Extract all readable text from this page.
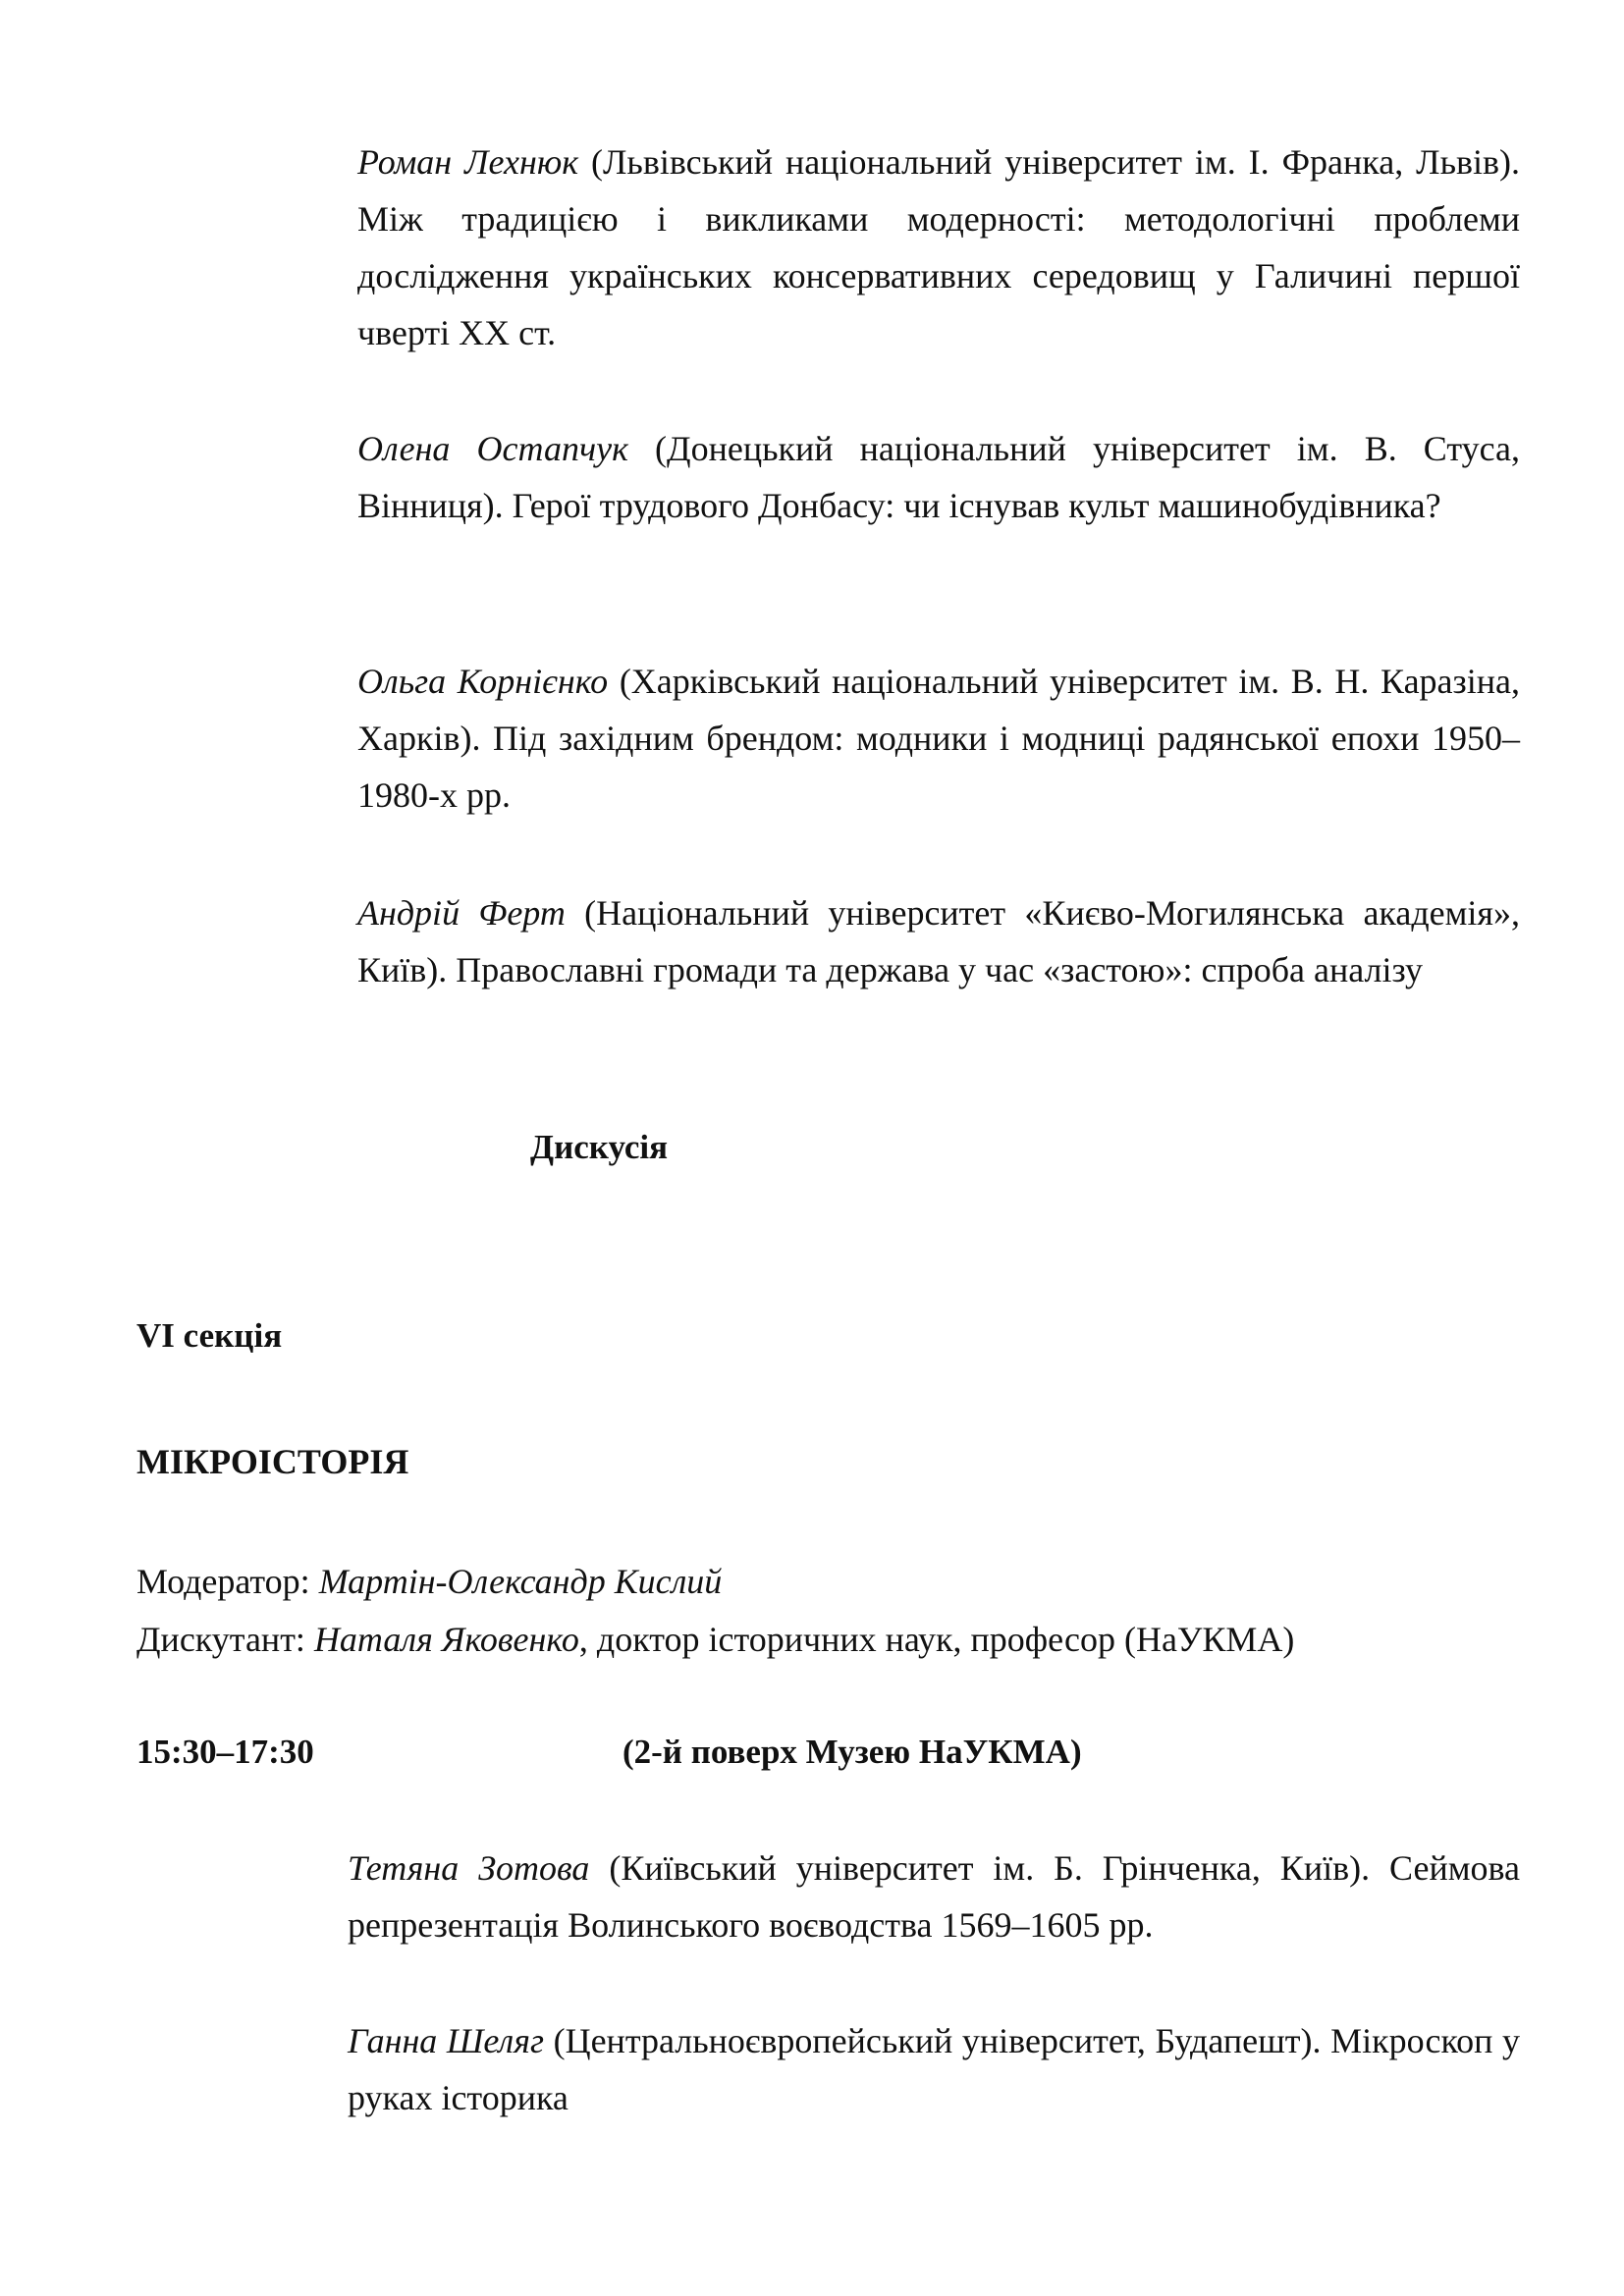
Роман Лехнюк (Львівський національний університет ім. І. Франка, Львів). Між традицією і викликами модерності: методологічні проблеми дослідження українських консервативних середовищ у Галичині першої чверті ХХ ст.
Олена Остапчук (Донецький національний університет ім. В. Стуса, Вінниця). Герої трудового Донбасу: чи існував культ машинобудівника?
Ольга Корнієнко (Харківський національний університет ім. В. Н. Каразіна, Харків). Під західним брендом: модники і модниці радянської епохи 1950–1980-х рр.
Андрій Ферт (Національний університет «Києво-Могилянська академія», Київ). Православні громади та держава у час «застою»: спроба аналізу
Дискусія
VI секція
МІКРОІСТОРІЯ
Модератор: Мартін-Олександр Кислий
Дискутант: Наталя Яковенко, доктор історичних наук, професор (НаУКМА)
15:30–17:30	(2-й поверх Музею НаУКМА)
Тетяна Зотова (Київський університет ім. Б. Грінченка, Київ). Сеймова репрезентація Волинського воєводства 1569–1605 рр.
Ганна Шеляг (Центральноєвропейський університет, Будапешт). Мікроскоп у руках історика
